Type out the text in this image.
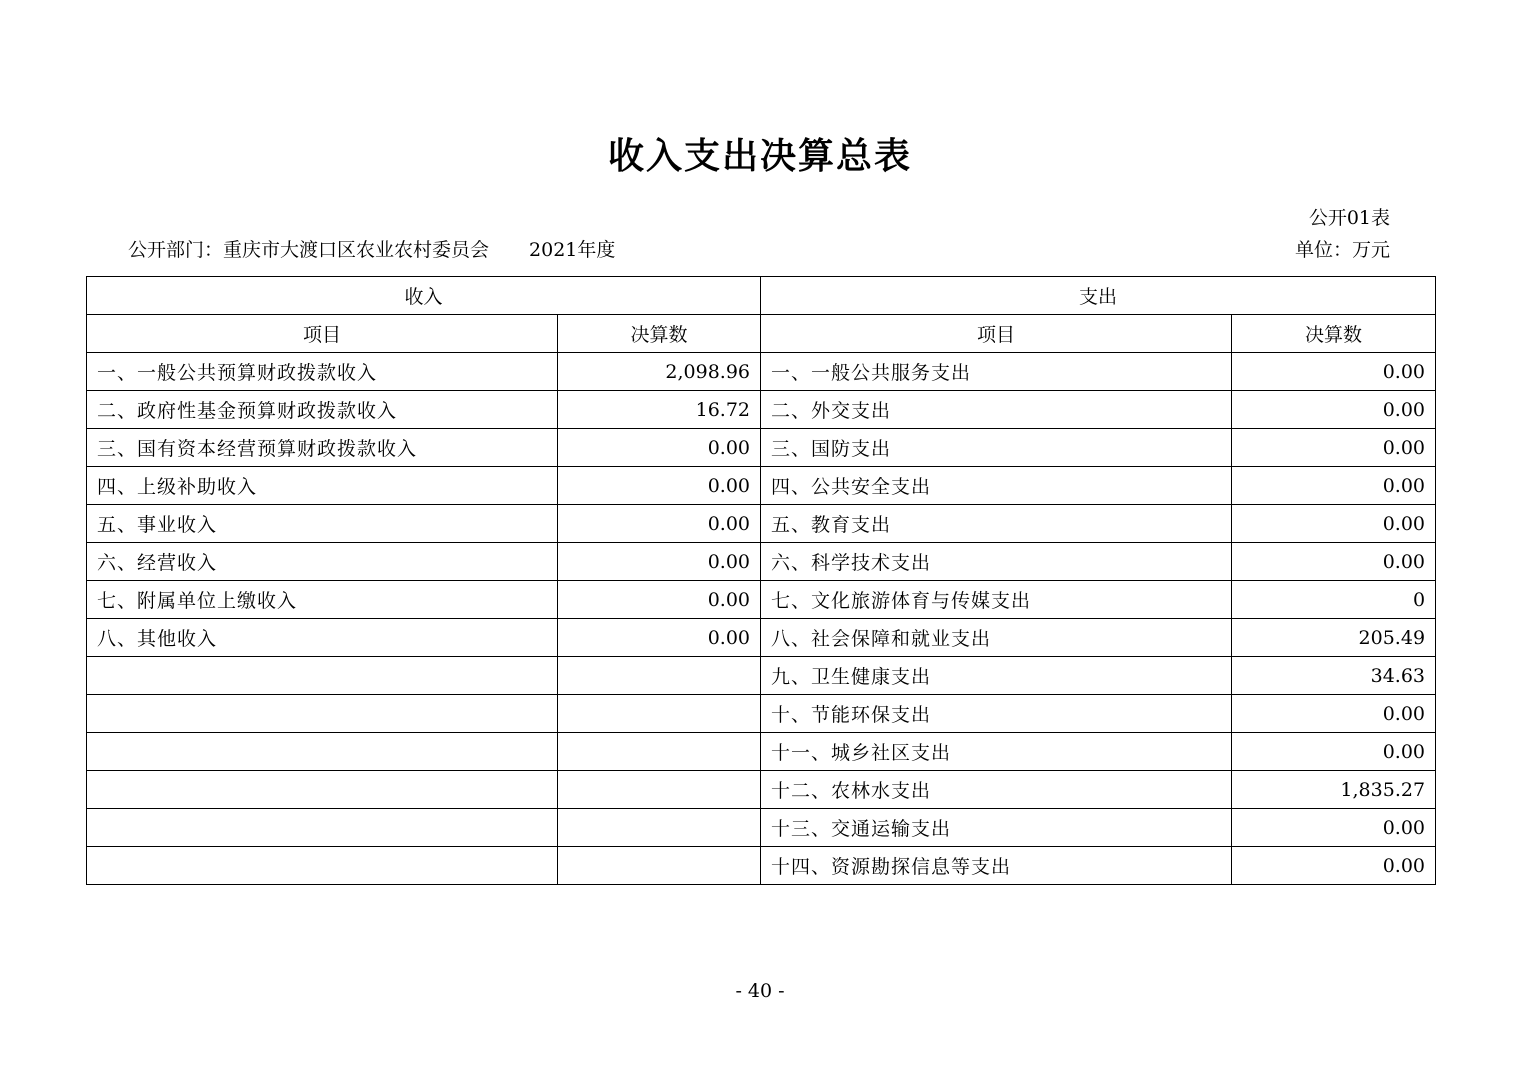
收入支出决算总表
公开01表
公开部门：重庆市大渡口区农业农村委员会 2021年度	单位：万元
收入		支出	
项目	决算数	项目	决算数
一、一般公共预算财政拨款收入	2,098.96	一、一般公共服务支出	0.00
二、政府性基金预算财政拨款收入	16.72	二、外交支出	0.00
三、国有资本经营预算财政拨款收入	0.00	三、国防支出	0.00
四、上级补助收入	0.00	四、公共安全支出	0.00
五、事业收入	0.00	五、教育支出	0.00
六、经营收入	0.00	六、科学技术支出	0.00
七、附属单位上缴收入	0.00	七、文化旅游体育与传媒支出	0
八、其他收入	0.00	八、社会保障和就业支出	205.49
		九、卫生健康支出	34.63
		十、节能环保支出	0.00
		十一、城乡社区支出	0.00
		十二、农林水支出	1,835.27
		十三、交通运输支出	0.00
		十四、资源勘探信息等支出	0.00
- 40 -
